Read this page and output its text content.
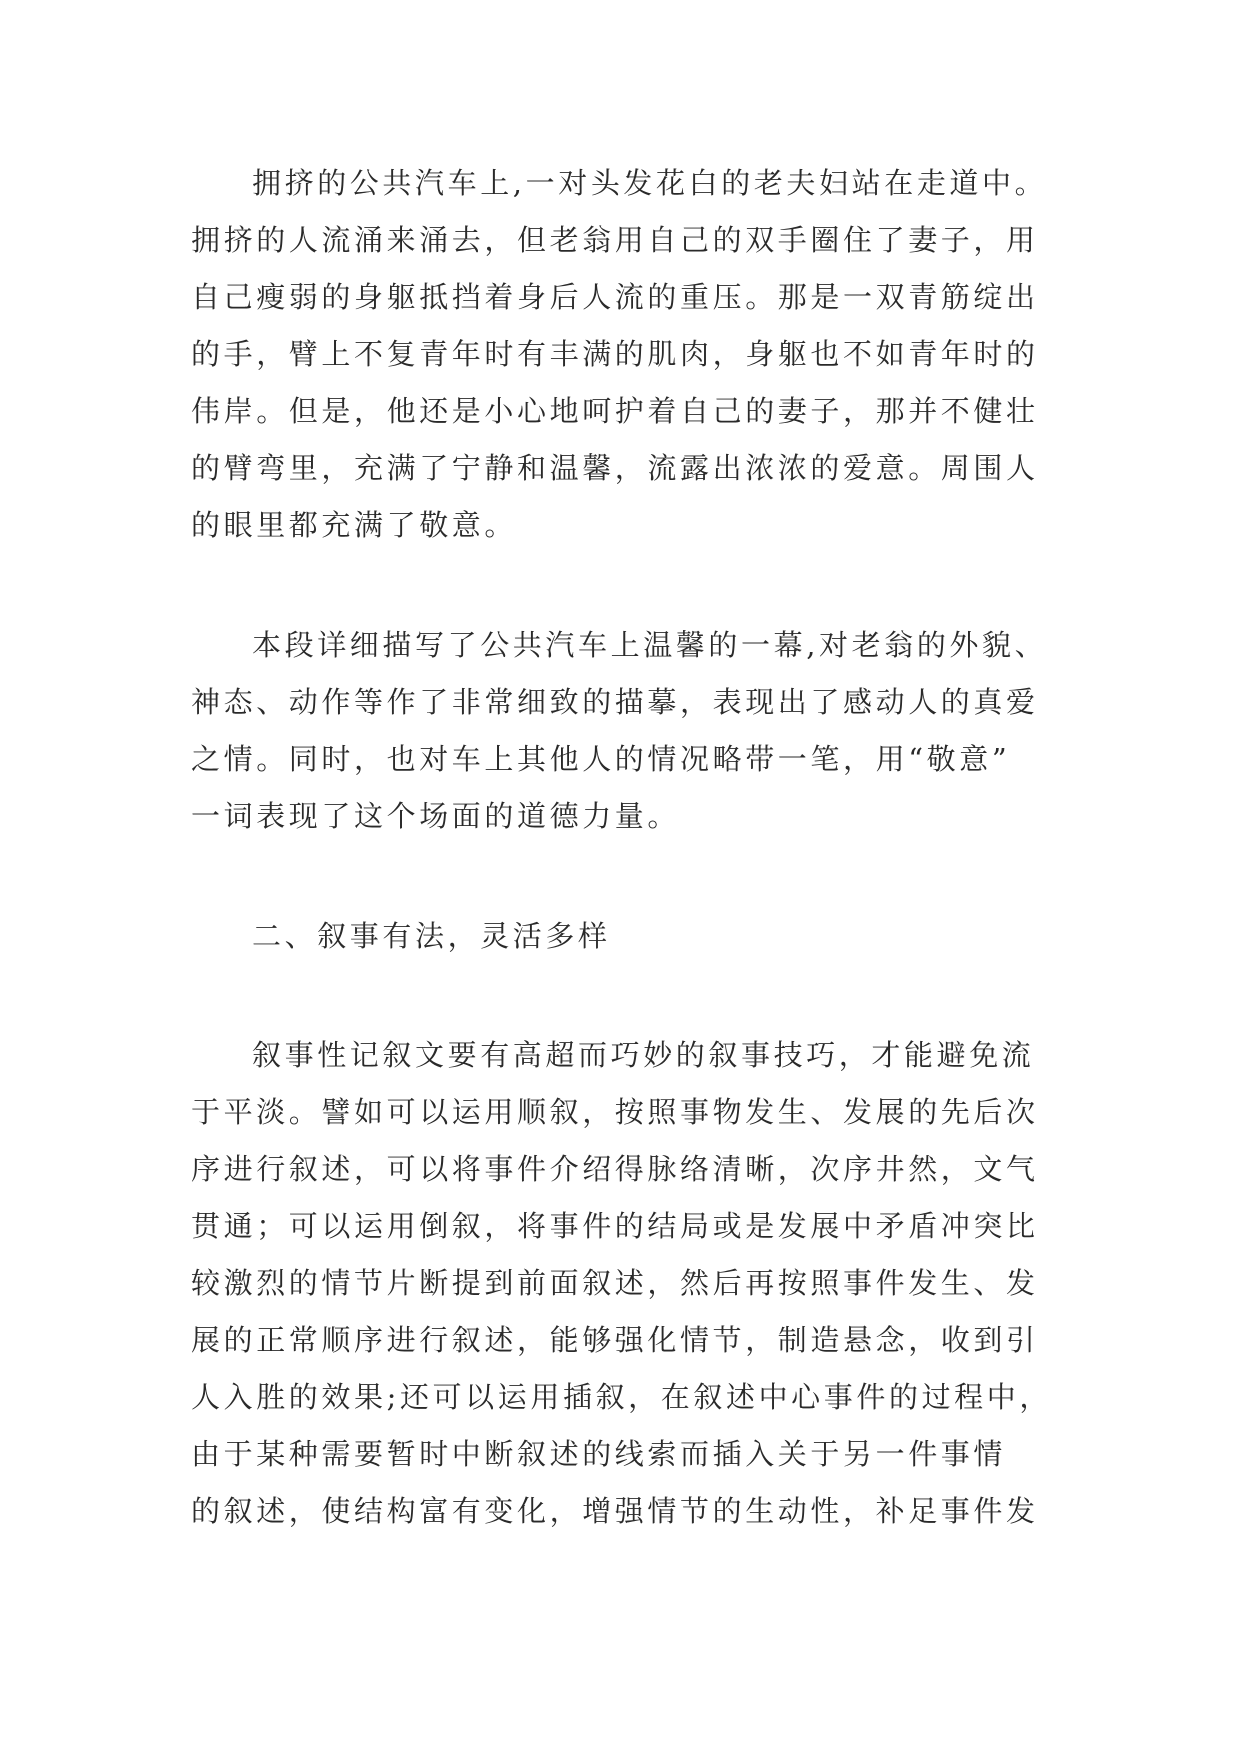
拥挤的公共汽车上,一对头发花白的老夫妇站在走道中。
拥挤的人流涌来涌去，但老翁用自己的双手圈住了妻子，用
自己瘦弱的身躯抵挡着身后人流的重压。那是一双青筋绽出
的手，臂上不复青年时有丰满的肌肉，身躯也不如青年时的
伟岸。但是，他还是小心地呵护着自己的妻子，那并不健壮
的臂弯里，充满了宁静和温馨，流露出浓浓的爱意。周围人
的眼里都充满了敬意。
本段详细描写了公共汽车上温馨的一幕,对老翁的外貌、
神态、动作等作了非常细致的描摹，表现出了感动人的真爱
之情。同时，也对车上其他人的情况略带一笔，用“敬意”
一词表现了这个场面的道德力量。
二、叙事有法，灵活多样
叙事性记叙文要有高超而巧妙的叙事技巧，才能避免流
于平淡。譬如可以运用顺叙，按照事物发生、发展的先后次
序进行叙述，可以将事件介绍得脉络清晰，次序井然，文气
贯通；可以运用倒叙，将事件的结局或是发展中矛盾冲突比
较激烈的情节片断提到前面叙述，然后再按照事件发生、发
展的正常顺序进行叙述，能够强化情节，制造悬念，收到引
人入胜的效果;还可以运用插叙，在叙述中心事件的过程中，
由于某种需要暂时中断叙述的线索而插入关于另一件事情
的叙述，使结构富有变化，增强情节的生动性，补足事件发
